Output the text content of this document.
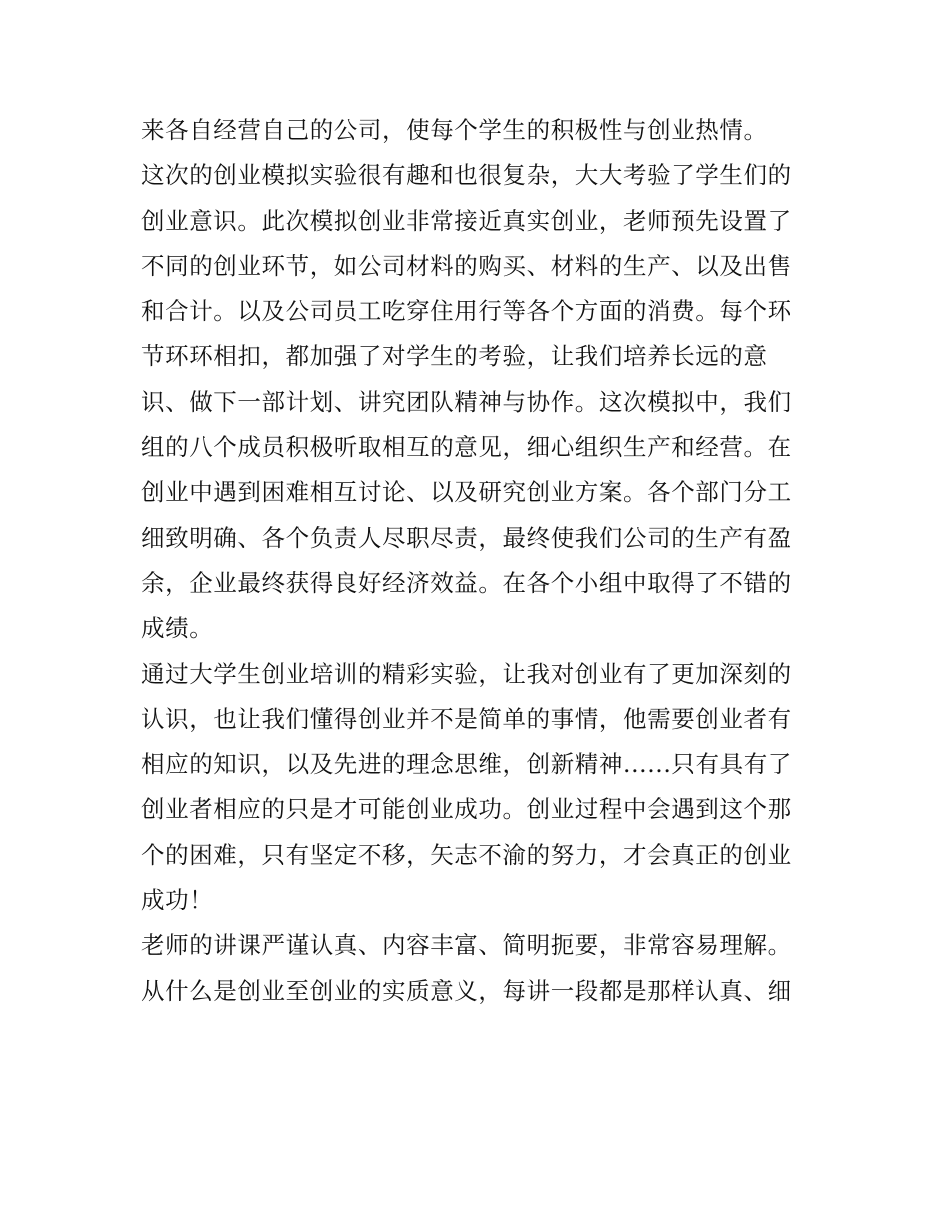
来各自经营自己的公司，使每个学生的积极性与创业热情。
这次的创业模拟实验很有趣和也很复杂，大大考验了学生们的
创业意识。此次模拟创业非常接近真实创业，老师预先设置了
不同的创业环节，如公司材料的购买、材料的生产、以及出售
和合计。以及公司员工吃穿住用行等各个方面的消费。每个环
节环环相扣，都加强了对学生的考验，让我们培养长远的意
识、做下一部计划、讲究团队精神与协作。这次模拟中，我们
组的八个成员积极听取相互的意见，细心组织生产和经营。在
创业中遇到困难相互讨论、以及研究创业方案。各个部门分工
细致明确、各个负责人尽职尽责，最终使我们公司的生产有盈
余，企业最终获得良好经济效益。在各个小组中取得了不错的
成绩。
通过大学生创业培训的精彩实验，让我对创业有了更加深刻的
认识，也让我们懂得创业并不是简单的事情，他需要创业者有
相应的知识，以及先进的理念思维，创新精神......只有具有了
创业者相应的只是才可能创业成功。创业过程中会遇到这个那
个的困难，只有坚定不移，矢志不渝的努力，才会真正的创业
成功！
老师的讲课严谨认真、内容丰富、简明扼要，非常容易理解。
从什么是创业至创业的实质意义，每讲一段都是那样认真、细
